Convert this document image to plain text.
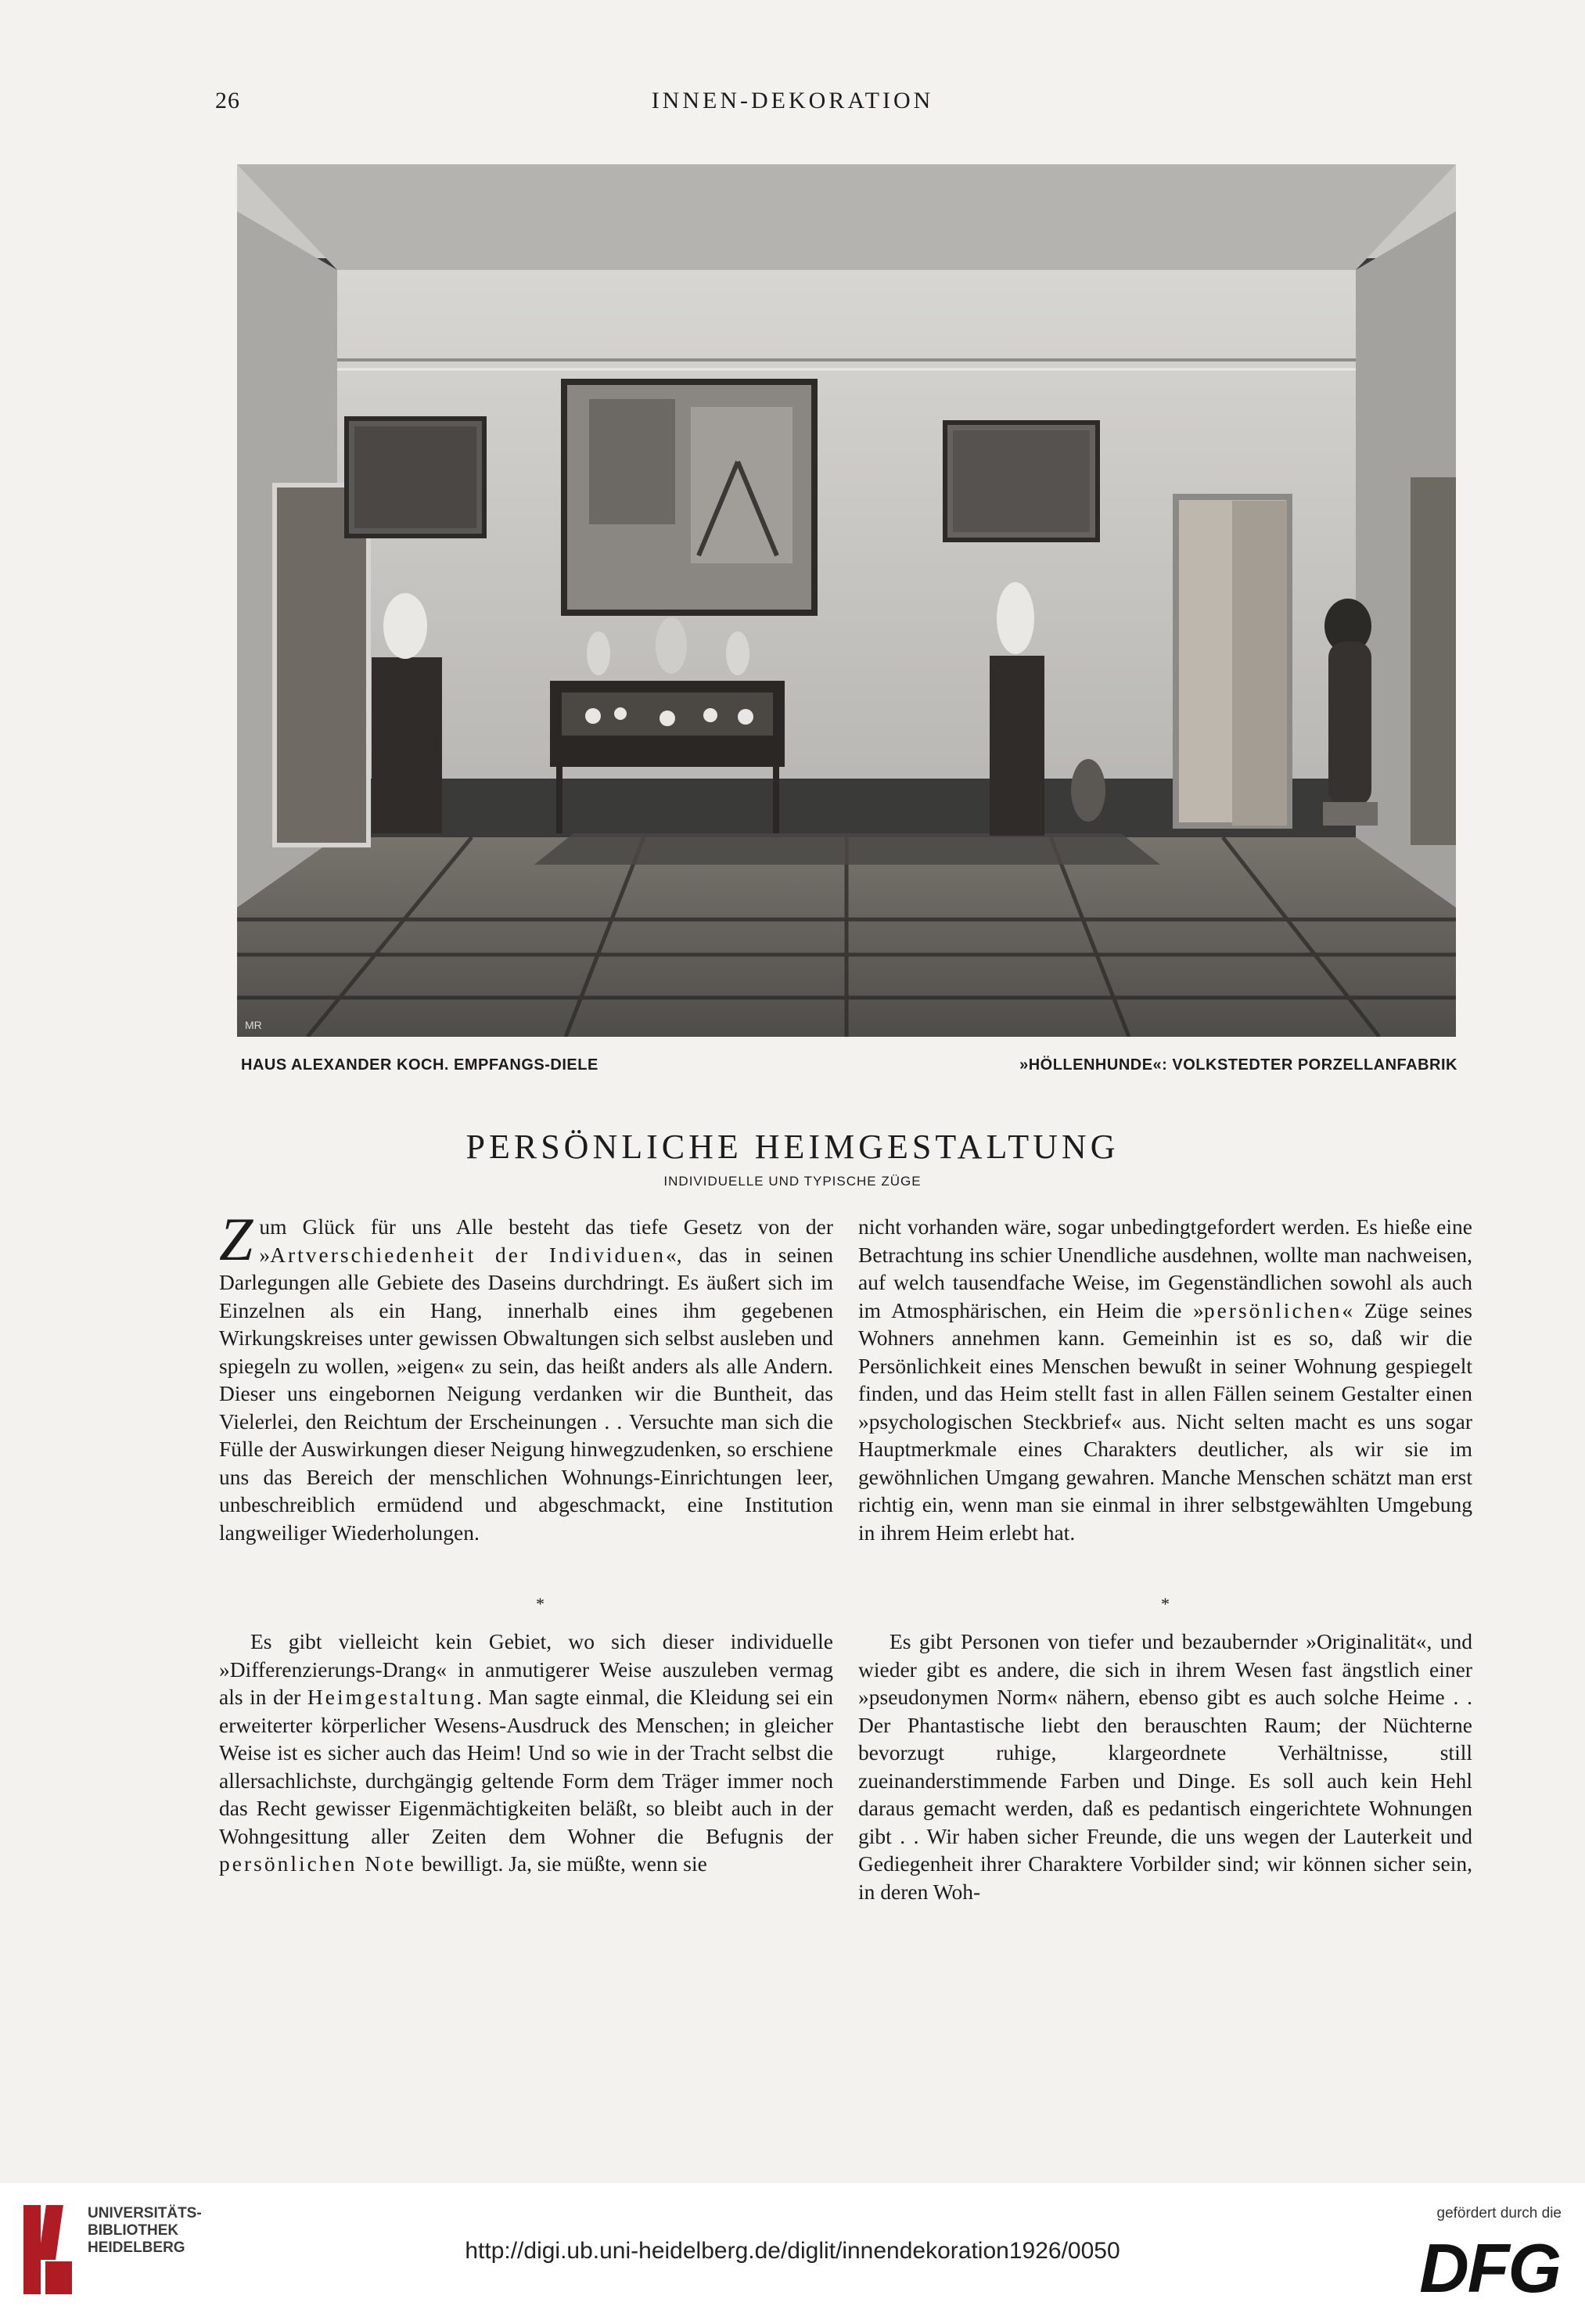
26	INNEN-DEKORATION
MR
HAUS ALEXANDER KOCH. EMPFANGS-DIELE	»HÖLLENHUNDE«: VOLKSTEDTER PORZELLANFABRIK
PERSÖNLICHE HEIMGESTALTUNG
INDIVIDUELLE UND TYPISCHE ZÜGE

Zum Glück für uns Alle besteht das tiefe Gesetz von der »Artverschiedenheit der Individuen«, das in seinen Darlegungen alle Gebiete des Daseins durchdringt. Es äußert sich im Einzelnen als ein Hang, innerhalb eines ihm gegebenen Wirkungskreises unter gewissen Obwaltungen sich selbst ausleben und spiegeln zu wollen, »eigen« zu sein, das heißt anders als alle Andern. Dieser uns eingebornen Neigung verdanken wir die Buntheit, das Vielerlei, den Reichtum der Erscheinungen . . Versuchte man sich die Fülle der Auswirkungen dieser Neigung hinwegzudenken, so erschiene uns das Bereich der menschlichen Wohnungs-Einrichtungen leer, unbeschreiblich ermüdend und abgeschmackt, eine Institution langweiliger Wiederholungen.

nicht vorhanden wäre, sogar unbedingtgefordert werden. Es hieße eine Betrachtung ins schier Unendliche ausdehnen, wollte man nachweisen, auf welch tausendfache Weise, im Gegenständlichen sowohl als auch im Atmosphärischen, ein Heim die »persönlichen« Züge seines Wohners annehmen kann. Gemeinhin ist es so, daß wir die Persönlichkeit eines Menschen bewußt in seiner Wohnung gespiegelt finden, und das Heim stellt fast in allen Fällen seinem Gestalter einen »psychologischen Steckbrief« aus. Nicht selten macht es uns sogar Hauptmerkmale eines Charakters deutlicher, als wir sie im gewöhnlichen Umgang gewahren. Manche Menschen schätzt man erst richtig ein, wenn man sie einmal in ihrer selbstgewählten Umgebung in ihrem Heim erlebt hat.

*	*

Es gibt vielleicht kein Gebiet, wo sich dieser individuelle »Differenzierungs-Drang« in anmutigerer Weise auszuleben vermag als in der Heimgestaltung. Man sagte einmal, die Kleidung sei ein erweiterter körperlicher Wesens-Ausdruck des Menschen; in gleicher Weise ist es sicher auch das Heim! Und so wie in der Tracht selbst die allersachlichste, durchgängig geltende Form dem Träger immer noch das Recht gewisser Eigenmächtigkeiten beläßt, so bleibt auch in der Wohngesittung aller Zeiten dem Wohner die Befugnis der persönlichen Note bewilligt. Ja, sie müßte, wenn sie

Es gibt Personen von tiefer und bezaubernder »Originalität«, und wieder gibt es andere, die sich in ihrem Wesen fast ängstlich einer »pseudonymen Norm« nähern, ebenso gibt es auch solche Heime . . Der Phantastische liebt den berauschten Raum; der Nüchterne bevorzugt ruhige, klargeordnete Verhältnisse, still zueinanderstimmende Farben und Dinge. Es soll auch kein Hehl daraus gemacht werden, daß es pedantisch eingerichtete Wohnungen gibt . . Wir haben sicher Freunde, die uns wegen der Lauterkeit und Gediegenheit ihrer Charaktere Vorbilder sind; wir können sicher sein, in deren Woh-

UNIVERSITÄTS-
BIBLIOTHEK
HEIDELBERG	http://digi.ub.uni-heidelberg.de/diglit/innendekoration1926/0050
gefördert durch die
DFG
